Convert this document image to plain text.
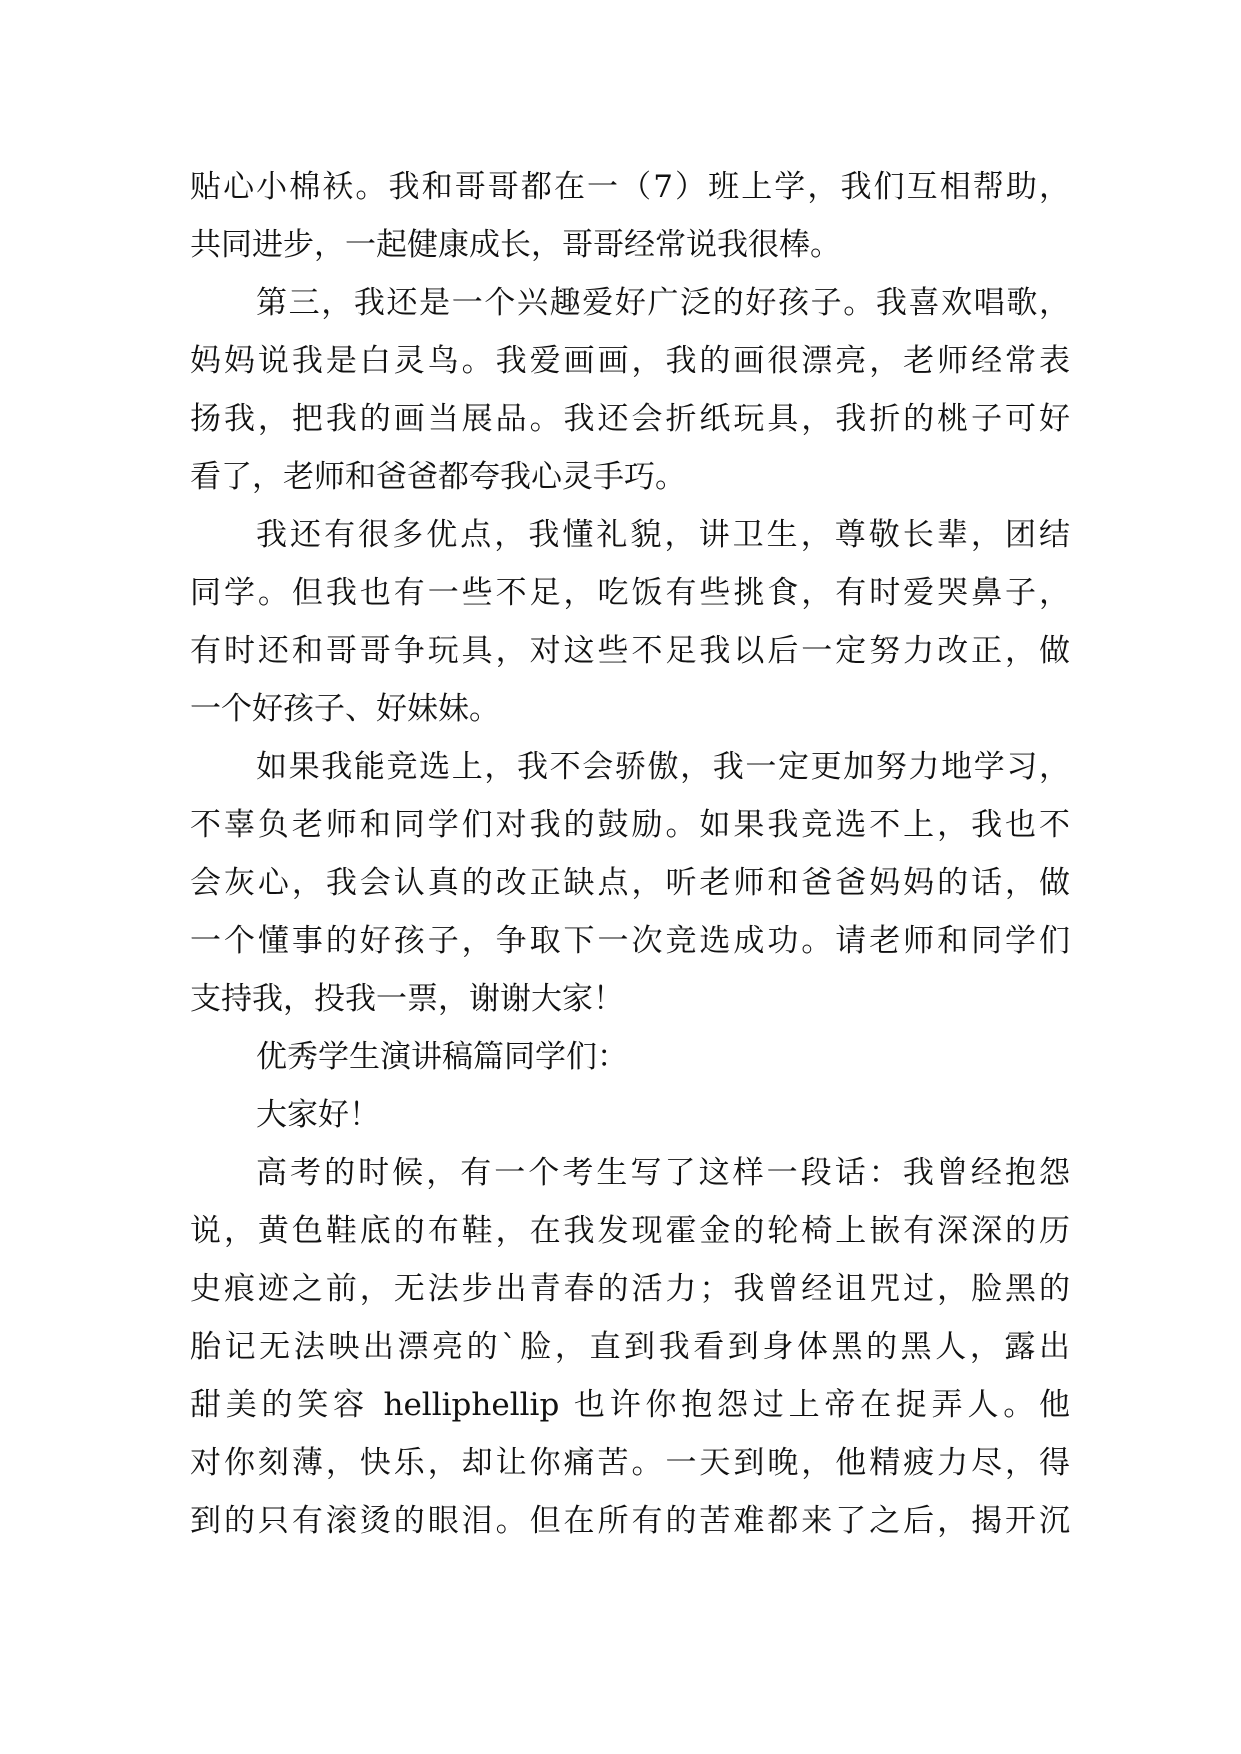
贴心小棉袄。我和哥哥都在一（7）班上学，我们互相帮助，
共同进步，一起健康成长，哥哥经常说我很棒。
第三，我还是一个兴趣爱好广泛的好孩子。我喜欢唱歌，
妈妈说我是白灵鸟。我爱画画，我的画很漂亮，老师经常表
扬我，把我的画当展品。我还会折纸玩具，我折的桃子可好
看了，老师和爸爸都夸我心灵手巧。
我还有很多优点，我懂礼貌，讲卫生，尊敬长辈，团结
同学。但我也有一些不足，吃饭有些挑食，有时爱哭鼻子，
有时还和哥哥争玩具，对这些不足我以后一定努力改正，做
一个好孩子、好妹妹。
如果我能竞选上，我不会骄傲，我一定更加努力地学习，
不辜负老师和同学们对我的鼓励。如果我竞选不上，我也不
会灰心，我会认真的改正缺点，听老师和爸爸妈妈的话，做
一个懂事的好孩子，争取下一次竞选成功。请老师和同学们
支持我，投我一票，谢谢大家！
优秀学生演讲稿篇同学们：
大家好！
高考的时候，有一个考生写了这样一段话：我曾经抱怨
说，黄色鞋底的布鞋，在我发现霍金的轮椅上嵌有深深的历
史痕迹之前，无法步出青春的活力；我曾经诅咒过，脸黑的
胎记无法映出漂亮的`脸，直到我看到身体黑的黑人，露出
甜美的笑容 helliphellip 也许你抱怨过上帝在捉弄人。他
对你刻薄，快乐，却让你痛苦。一天到晚，他精疲力尽，得
到的只有滚烫的眼泪。但在所有的苦难都来了之后，揭开沉
